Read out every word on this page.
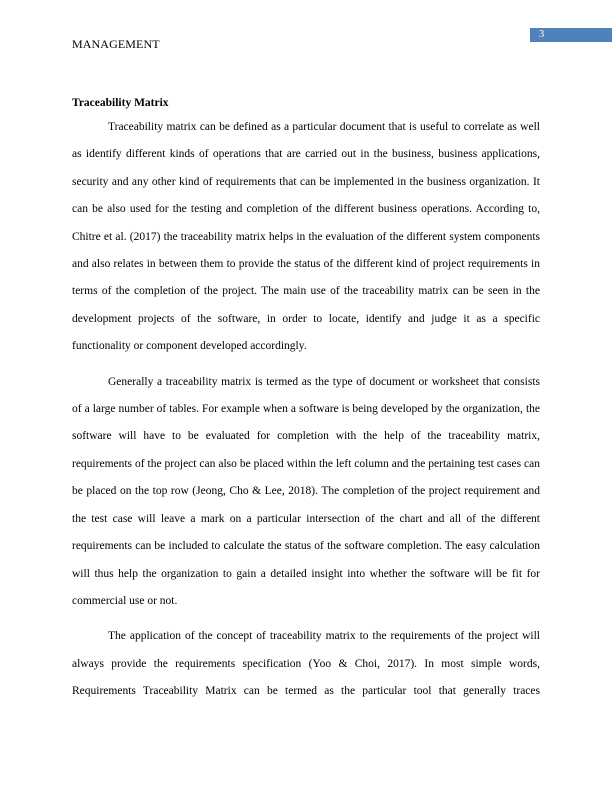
3
MANAGEMENT
Traceability Matrix

Traceability matrix can be defined as a particular document that is useful to correlate as well as identify different kinds of operations that are carried out in the business, business applications, security and any other kind of requirements that can be implemented in the business organization. It can be also used for the testing and completion of the different business operations. According to, Chitre et al. (2017) the traceability matrix helps in the evaluation of the different system components and also relates in between them to provide the status of the different kind of project requirements in terms of the completion of the project. The main use of the traceability matrix can be seen in the development projects of the software, in order to locate, identify and judge it as a specific functionality or component developed accordingly.

Generally a traceability matrix is termed as the type of document or worksheet that consists of a large number of tables. For example when a software is being developed by the organization, the software will have to be evaluated for completion with the help of the traceability matrix, requirements of the project can also be placed within the left column and the pertaining test cases can be placed on the top row (Jeong, Cho & Lee, 2018). The completion of the project requirement and the test case will leave a mark on a particular intersection of the chart and all of the different requirements can be included to calculate the status of the software completion. The easy calculation will thus help the organization to gain a detailed insight into whether the software will be fit for commercial use or not.

The application of the concept of traceability matrix to the requirements of the project will always provide the requirements specification (Yoo & Choi, 2017). In most simple words, Requirements Traceability Matrix can be termed as the particular tool that generally traces
